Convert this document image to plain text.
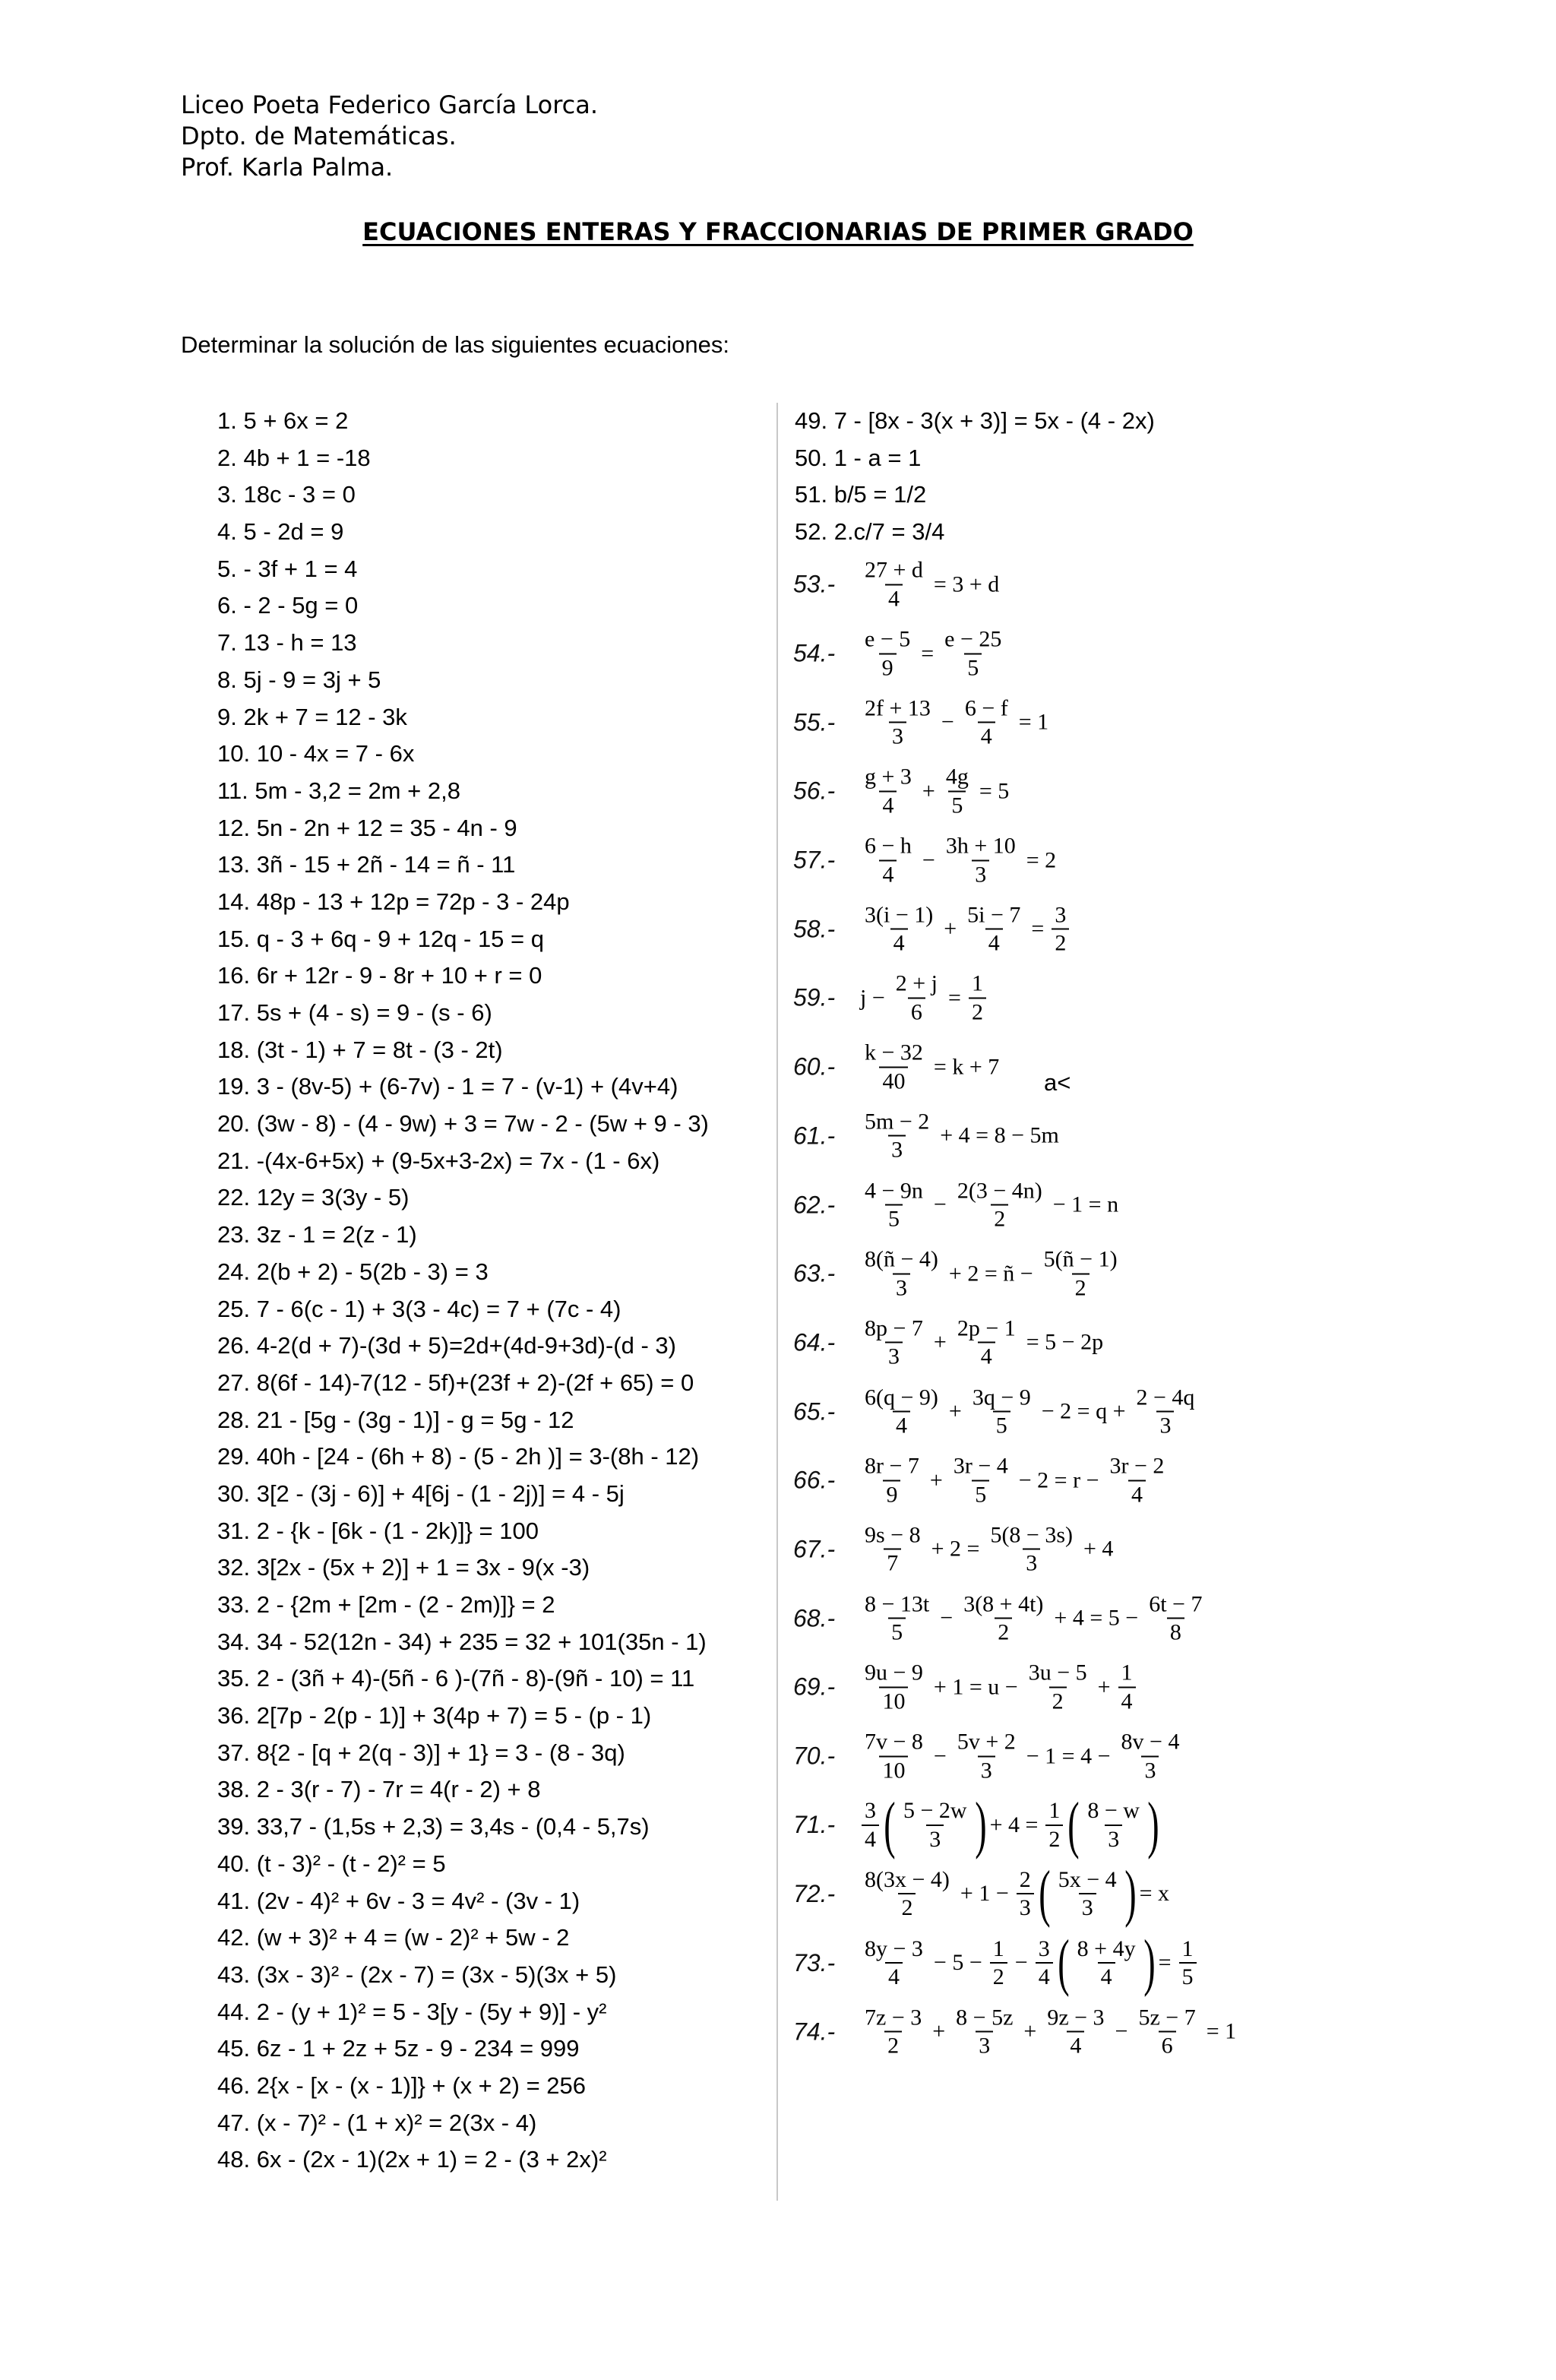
Liceo Poeta Federico García Lorca.
Dpto. de Matemáticas.
Prof. Karla Palma.
ECUACIONES ENTERAS Y FRACCIONARIAS DE PRIMER GRADO
Determinar la solución de las siguientes ecuaciones:
1. 5 + 6x = 2
2. 4b + 1 = -18
3. 18c - 3 = 0
4. 5 - 2d = 9
5. - 3f + 1 = 4
6. - 2 - 5g = 0
7. 13 - h = 13
8. 5j - 9 = 3j + 5
9. 2k + 7 = 12 - 3k
10. 10 - 4x = 7 - 6x
11. 5m - 3,2 = 2m + 2,8
12. 5n - 2n + 12 = 35 - 4n - 9
13. 3ñ - 15 + 2ñ - 14 = ñ - 11
14. 48p - 13 + 12p = 72p - 3 - 24p
15. q - 3 + 6q - 9 + 12q - 15 = q
16. 6r + 12r - 9 - 8r + 10 + r = 0
17. 5s + (4 - s) = 9 - (s - 6)
18. (3t - 1) + 7 = 8t - (3 - 2t)
19. 3 - (8v-5) + (6-7v) - 1 = 7 - (v-1) + (4v+4)
20. (3w - 8) - (4 - 9w) + 3 = 7w - 2 - (5w + 9 - 3)
21. -(4x-6+5x) + (9-5x+3-2x) = 7x - (1 - 6x)
22. 12y = 3(3y - 5)
23. 3z - 1 = 2(z - 1)
24. 2(b + 2) - 5(2b - 3) = 3
25. 7 - 6(c - 1) + 3(3 - 4c) = 7 + (7c - 4)
26. 4-2(d + 7)-(3d + 5)=2d+(4d-9+3d)-(d - 3)
27. 8(6f - 14)-7(12 - 5f)+(23f + 2)-(2f + 65) = 0
28. 21 - [5g - (3g - 1)] - g = 5g - 12
29. 40h - [24 - (6h + 8) - (5 - 2h )] = 3-(8h - 12)
30. 3[2 - (3j - 6)] + 4[6j - (1 - 2j)] = 4 - 5j
31. 2 - {k - [6k - (1 - 2k)]} = 100
32. 3[2x - (5x + 2)] + 1 = 3x - 9(x -3)
33. 2 - {2m + [2m - (2 - 2m)]} = 2
34. 34 - 52(12n - 34) + 235 = 32 + 101(35n - 1)
35. 2 - (3ñ + 4)-(5ñ - 6 )-(7ñ - 8)-(9ñ - 10) = 11
36. 2[7p - 2(p - 1)] + 3(4p + 7) = 5 - (p - 1)
37. 8{2 - [q + 2(q - 3)] + 1} = 3 - (8 - 3q)
38. 2 - 3(r - 7) - 7r = 4(r - 2) + 8
39. 33,7 - (1,5s + 2,3) = 3,4s - (0,4 - 5,7s)
40. (t - 3)² - (t - 2)² = 5
41. (2v - 4)² + 6v - 3 = 4v² - (3v - 1)
42. (w + 3)² + 4 = (w - 2)² + 5w - 2
43. (3x - 3)² - (2x - 7) = (3x - 5)(3x + 5)
44. 2 - (y + 1)² = 5 - 3[y - (5y + 9)] - y²
45. 6z - 1 + 2z + 5z - 9 - 234 = 999
46. 2{x - [x - (x - 1)]} + (x + 2) = 256
47. (x - 7)² - (1 + x)² = 2(3x - 4)
48. 6x - (2x - 1)(2x + 1) = 2 - (3 + 2x)²
49. 7 - [8x - 3(x + 3)] = 5x - (4 - 2x)
50. 1 - a = 1
51. b/5 = 1/2
52. 2.c/7 = 3/4
a<
53.-	$\frac{27 + d}{4} = 3 + d$
54.-	$\frac{e - 5}{9} = \frac{e - 25}{5}$
55.-	$\frac{2f + 13}{3} - \frac{6 - f}{4} = 1$
56.-	$\frac{g + 3}{4} + \frac{4g}{5} = 5$
57.-	$\frac{6 - h}{4} - \frac{3h + 10}{3} = 2$
58.-	$\frac{3(i - 1)}{4} + \frac{5i - 7}{4} = \frac{3}{2}$
59.-	$j - \frac{2 + j}{6} = \frac{1}{2}$
60.-	$\frac{k - 32}{40} = k + 7$
61.-	$\frac{5m - 2}{3} + 4 = 8 - 5m$
62.-	$\frac{4 - 9n}{5} - \frac{2(3 - 4n)}{2} - 1 = n$
63.-	$\frac{8(ñ - 4)}{3} + 2$ = ñ − $\frac{5(ñ - 1)}{2}$
64.-	$\frac{8p - 7}{3} + \frac{2p - 1}{4} = 5 - 2p$
65.-	$\frac{6(q - 9)}{4} + \frac{3q - 9}{5} - 2 = q + \frac{2 - 4q}{3}$
66.-	$\frac{8r - 7}{9} + \frac{3r - 4}{5} - 2 = r - \frac{3r - 2}{4}$
67.-	$\frac{9s - 8}{7} + 2 = \frac{5(8 - 3s)}{3} + 4$
68.-	$\frac{8 - 13t}{5} - \frac{3(8 + 4t)}{2} + 4 = 5 - \frac{6t - 7}{8}$
69.-	$\frac{9u - 9}{10} + 1 = u - \frac{3u - 5}{2} + \frac{1}{4}$
70.-	$\frac{7v - 8}{10} - \frac{5v + 2}{3} - 1 = 4 - \frac{8v - 4}{3}$
71.-	$\frac{3}{4}$ ( $\frac{5 - 2w}{3}$ ) + $4 = \frac{1}{2}$ ( $\frac{8 - w}{3}$ )
72.-	$\frac{8(3x - 4)}{2} + 1 - \frac{2}{3}$ ( $\frac{5x - 4}{3}$ ) = x
73.-	$\frac{8y - 3}{4} - 5 - \frac{1}{2} - \frac{3}{4}$ ( $\frac{8 + 4y}{4}$ ) = $\frac{1}{5}$
74.-	$\frac{7z - 3}{2} + \frac{8 - 5z}{3} + \frac{9z - 3}{4} - \frac{5z - 7}{6} = 1$
